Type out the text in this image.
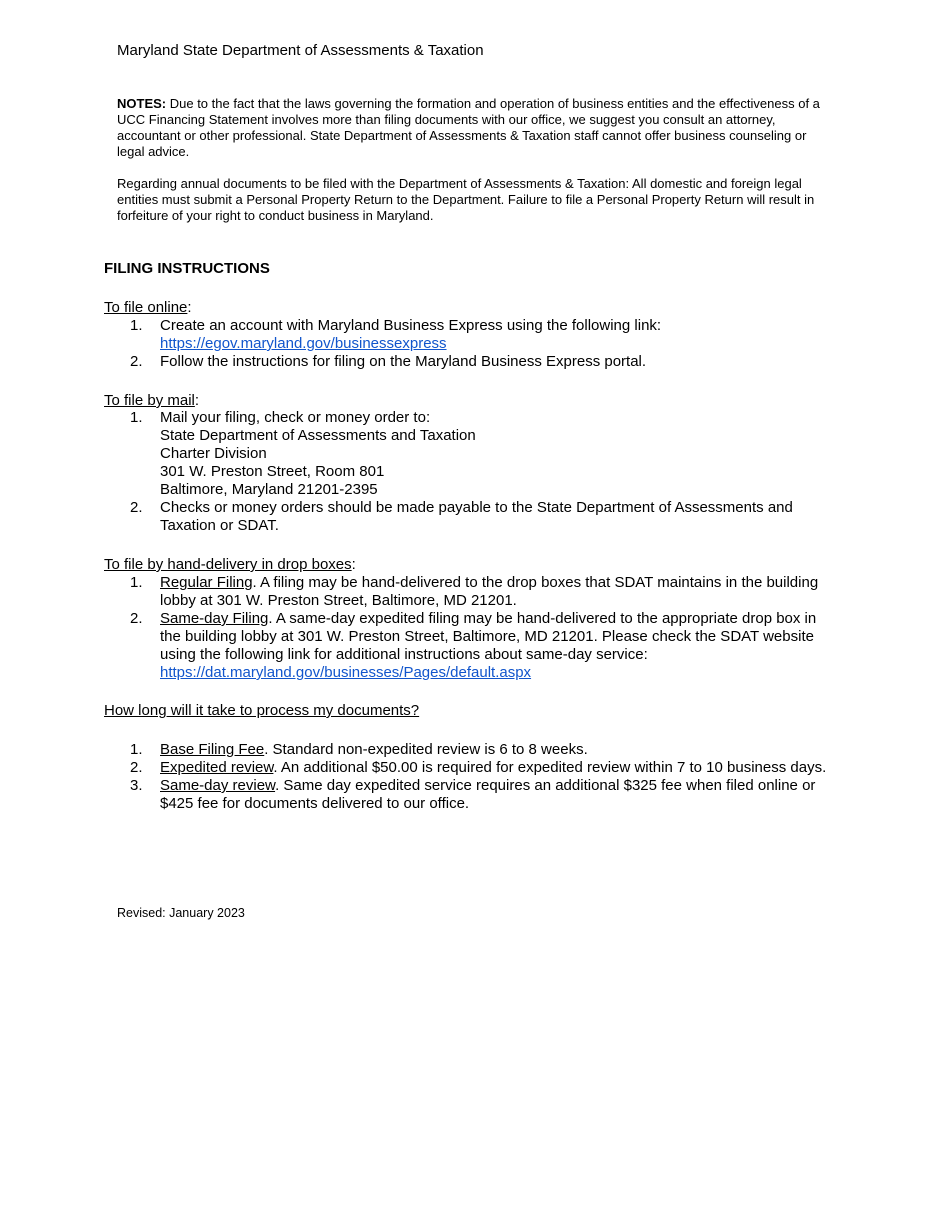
Maryland State Department of Assessments & Taxation
NOTES: Due to the fact that the laws governing the formation and operation of business entities and the effectiveness of a UCC Financing Statement involves more than filing documents with our office, we suggest you consult an attorney, accountant or other professional. State Department of Assessments & Taxation staff cannot offer business counseling or legal advice.
Regarding annual documents to be filed with the Department of Assessments & Taxation: All domestic and foreign legal entities must submit a Personal Property Return to the Department. Failure to file a Personal Property Return will result in forfeiture of your right to conduct business in Maryland.
FILING INSTRUCTIONS
To file online:
1.	Create an account with Maryland Business Express using the following link:
https://egov.maryland.gov/businessexpress
2.	Follow the instructions for filing on the Maryland Business Express portal.
To file by mail:
1.	Mail your filing, check or money order to:
State Department of Assessments and Taxation
Charter Division
301 W. Preston Street, Room 801
Baltimore, Maryland 21201-2395
2.	Checks or money orders should be made payable to the State Department of Assessments and Taxation or SDAT.
To file by hand-delivery in drop boxes:
1.	Regular Filing. A filing may be hand-delivered to the drop boxes that SDAT maintains in the building lobby at 301 W. Preston Street, Baltimore, MD 21201.
2.	Same-day Filing. A same-day expedited filing may be hand-delivered to the appropriate drop box in the building lobby at 301 W. Preston Street, Baltimore, MD 21201. Please check the SDAT website using the following link for additional instructions about same-day service:
https://dat.maryland.gov/businesses/Pages/default.aspx
How long will it take to process my documents?
1.	Base Filing Fee. Standard non-expedited review is 6 to 8 weeks.
2.	Expedited review. An additional $50.00 is required for expedited review within 7 to 10 business days.
3.	Same-day review. Same day expedited service requires an additional $325 fee when filed online or $425 fee for documents delivered to our office.
Revised: January 2023
